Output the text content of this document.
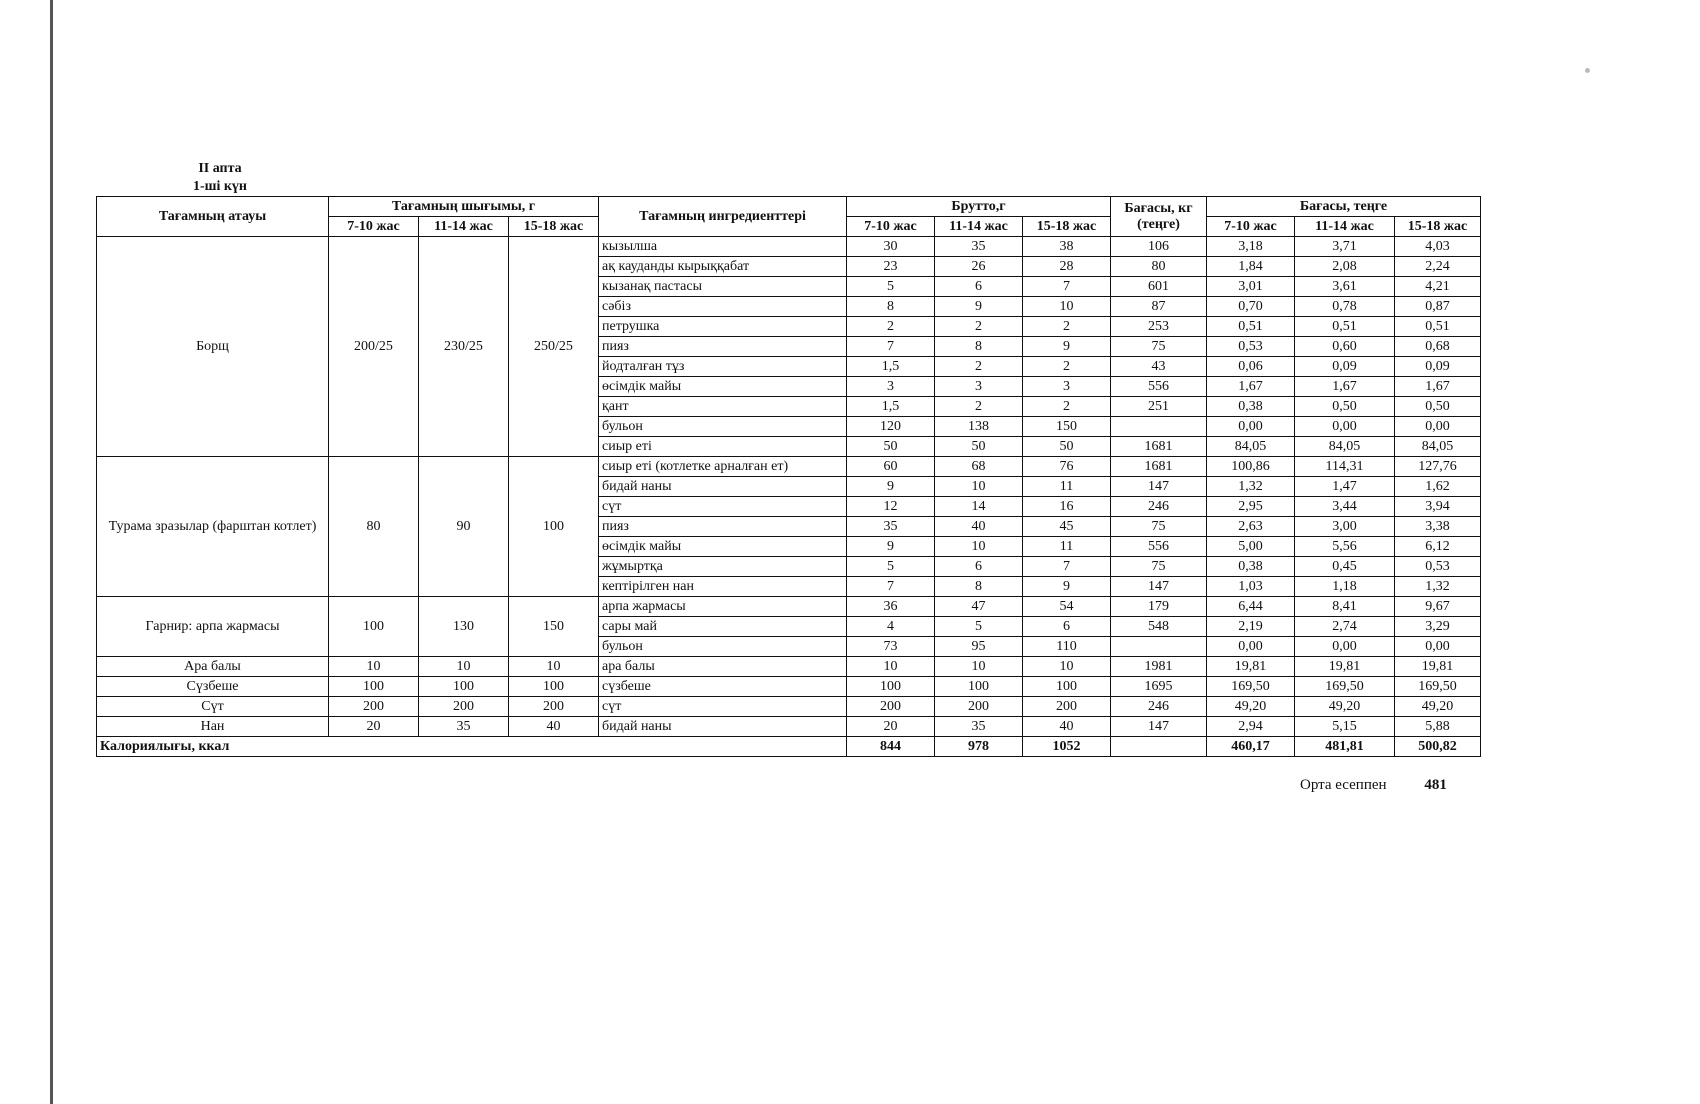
II апта
1-ші күн
Тағамның атауы	Тағамның шығымы, г			Тағамның ингредиенттері	Брутто,г			Бағасы, кг (теңге)	Бағасы, теңге		
	7-10 жас	11-14 жас	15-18 жас		7-10 жас	11-14 жас	15-18 жас		7-10 жас	11-14 жас	15-18 жас
Борщ	200/25	230/25	250/25	кызылша	30	35	38	106	3,18	3,71	4,03
				ақ кауданды кырыққабат	23	26	28	80	1,84	2,08	2,24
				кызанақ пастасы	5	6	7	601	3,01	3,61	4,21
				сәбіз	8	9	10	87	0,70	0,78	0,87
				петрушка	2	2	2	253	0,51	0,51	0,51
				пияз	7	8	9	75	0,53	0,60	0,68
				йодталған тұз	1,5	2	2	43	0,06	0,09	0,09
				өсімдік майы	3	3	3	556	1,67	1,67	1,67
				қант	1,5	2	2	251	0,38	0,50	0,50
				бульон	120	138	150		0,00	0,00	0,00
				сиыр еті	50	50	50	1681	84,05	84,05	84,05
Турама зразылар (фарштан котлет)	80	90	100	сиыр еті (котлетке арналған ет)	60	68	76	1681	100,86	114,31	127,76
				бидай наны	9	10	11	147	1,32	1,47	1,62
				сүт	12	14	16	246	2,95	3,44	3,94
				пияз	35	40	45	75	2,63	3,00	3,38
				өсімдік майы	9	10	11	556	5,00	5,56	6,12
				жұмыртқа	5	6	7	75	0,38	0,45	0,53
				кептірілген нан	7	8	9	147	1,03	1,18	1,32
Гарнир: арпа жармасы	100	130	150	арпа жармасы	36	47	54	179	6,44	8,41	9,67
				сары май	4	5	6	548	2,19	2,74	3,29
				бульон	73	95	110		0,00	0,00	0,00
Ара балы	10	10	10	ара балы	10	10	10	1981	19,81	19,81	19,81
Сүзбеше	100	100	100	сүзбеше	100	100	100	1695	169,50	169,50	169,50
Сүт	200	200	200	сүт	200	200	200	246	49,20	49,20	49,20
Нан	20	35	40	бидай наны	20	35	40	147	2,94	5,15	5,88
Калориялығы, ккал					844	978	1052		460,17	481,81	500,82
Орта есеппен	481
